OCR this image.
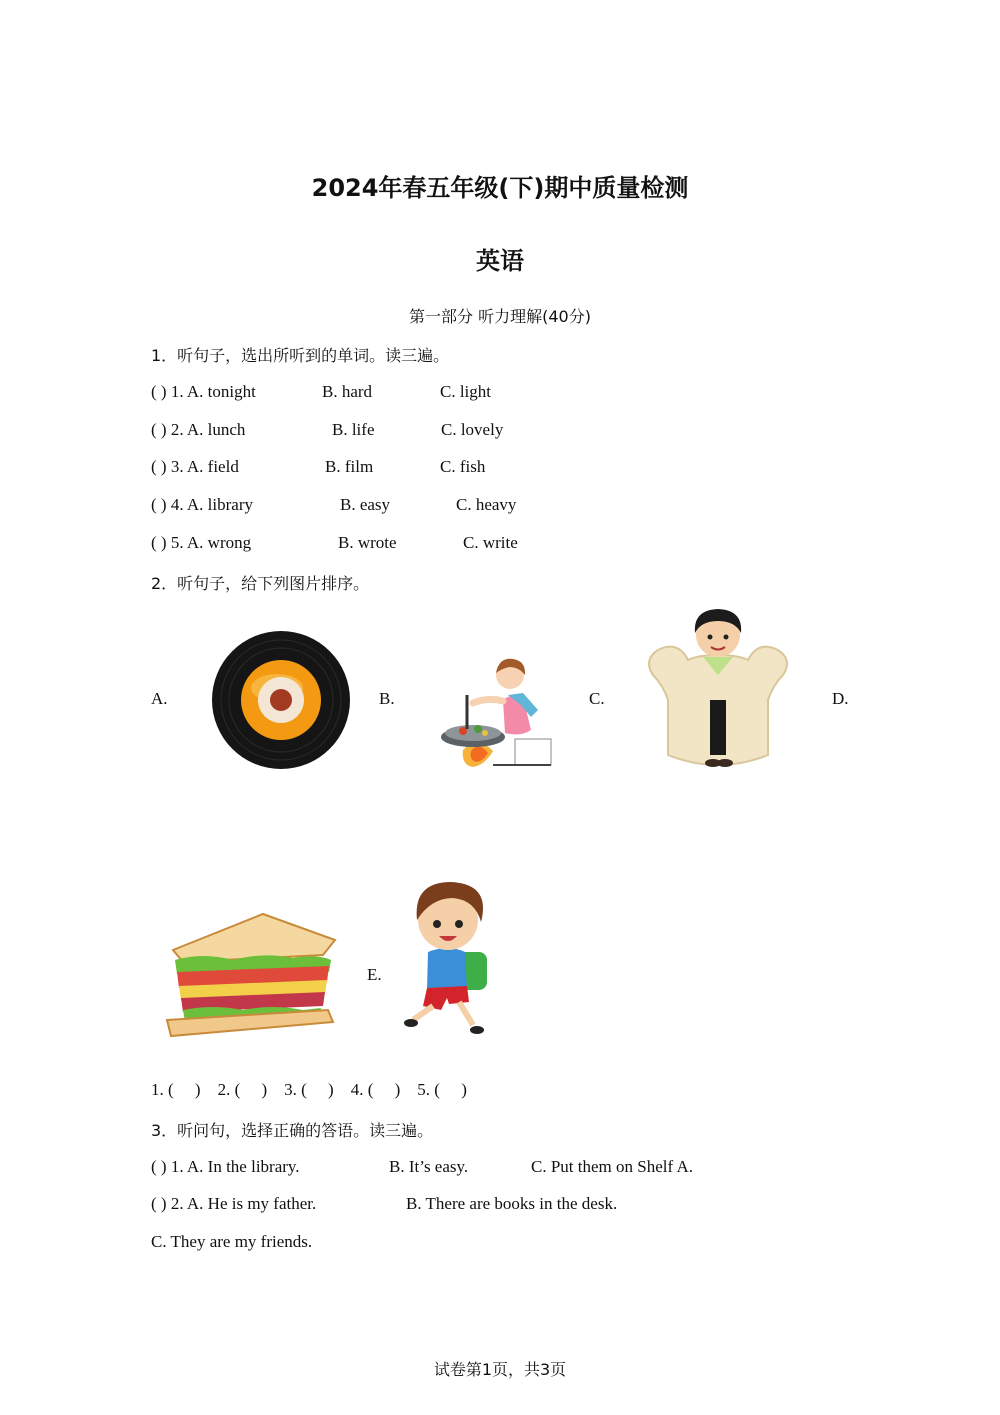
2024年春五年级(下)期中质量检测
英语
第一部分 听力理解(40分)
1．听句子，选出所听到的单词。读三遍。
( ) 1. A. tonight	B. hard	C. light
( ) 2. A. lunch	B. life	C. lovely
( ) 3. A. field	B. film	C. fish
( ) 4. A. library	B. easy	C. heavy
( ) 5. A. wrong	B. wrote	C. write
2．听句子，给下列图片排序。
A.	B.	C.	D.
E.
1. (     )    2. (     )    3. (     )    4. (     )    5. (     )
3．听问句，选择正确的答语。读三遍。
( ) 1. A. In the library.	B. It’s easy.	C. Put them on Shelf A.
( ) 2. A. He is my father.	B. There are books in the desk.
C. They are my friends.
试卷第1页，共3页
